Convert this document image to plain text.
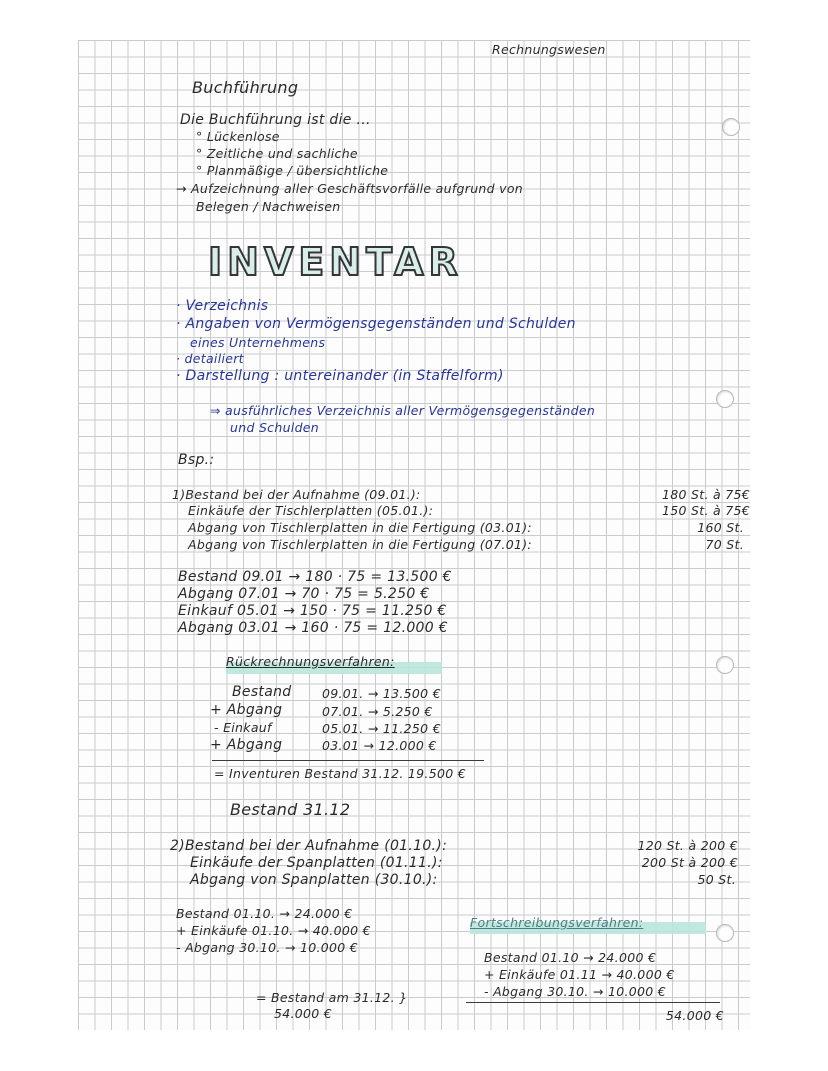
Rechnungswesen
Buchführung
Die Buchführung ist die ...
° Lückenlose
° Zeitliche und sachliche
° Planmäßige / übersichtliche
→ Aufzeichnung aller Geschäftsvorfälle aufgrund von
Belegen / Nachweisen
INVENTAR
· Verzeichnis
· Angaben von Vermögensgegenständen und Schulden
eines Unternehmens
· detailiert
· Darstellung : untereinander (in Staffelform)
⇒ ausführliches Verzeichnis aller Vermögensgegenständen
und Schulden
Bsp.:
1)Bestand bei der Aufnahme (09.01.):
Einkäufe der Tischlerplatten (05.01.):
Abgang von Tischlerplatten in die Fertigung (03.01):
Abgang von Tischlerplatten in die Fertigung (07.01):
180 St. à 75€
150 St. à 75€
160 St.
70 St.
Bestand 09.01 → 180 · 75 = 13.500 €
Abgang 07.01 → 70 · 75 = 5.250 €
Einkauf 05.01 → 150 · 75 = 11.250 €
Abgang 03.01 → 160 · 75 = 12.000 €
Rückrechnungsverfahren:
Bestand
+ Abgang
- Einkauf
+ Abgang
09.01. → 13.500 €
07.01. → 5.250 €
05.01. → 11.250 €
03.01 → 12.000 €
= Inventuren Bestand 31.12. 19.500 €
Bestand 31.12
2)Bestand bei der Aufnahme (01.10.):
Einkäufe der Spanplatten (01.11.):
Abgang von Spanplatten (30.10.):
120 St. à 200 €
200 St à 200 €
50 St.
Bestand 01.10. → 24.000 €
+ Einkäufe 01.10. → 40.000 €
- Abgang 30.10. → 10.000 €
= Bestand am 31.12. }
54.000 €
Fortschreibungsverfahren:
Bestand 01.10 → 24.000 €
+ Einkäufe 01.11 → 40.000 €
- Abgang 30.10. → 10.000 €
54.000 €
